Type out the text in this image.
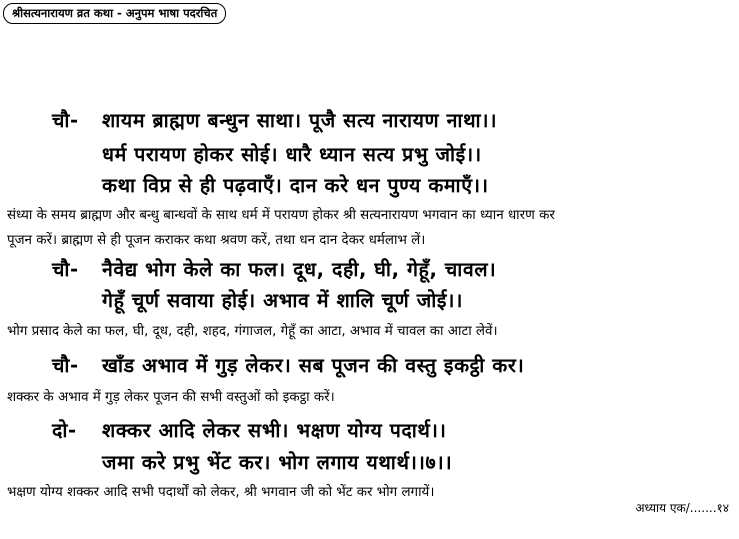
श्रीसत्यनारायण व्रत कथा - अनुपम भाषा पदरचित
चौ- शायम ब्राह्मण बन्धुन साथा। पूजै सत्य नारायण नाथा।।
धर्म परायण होकर सोई। धारै ध्यान सत्य प्रभु जोई।।
कथा विप्र से ही पढ़वाएँ। दान करे धन पुण्य कमाएँ।।
संध्या के समय ब्राह्मण और बन्धु बान्धवों के साथ धर्म में परायण होकर श्री सत्यनारायण भगवान का ध्यान धारण कर
पूजन करें। ब्राह्मण से ही पूजन कराकर कथा श्रवण करें, तथा धन दान देकर धर्मलाभ लें।
चौ- नैवेद्य भोग केले का फल। दूध, दही, घी, गेहूँ, चावल।
गेहूँ चूर्ण सवाया होई। अभाव में शालि चूर्ण जोई।।
भोग प्रसाद केले का फल, घी, दूध, दही, शहद, गंगाजल, गेहूँ का आटा, अभाव में चावल का आटा लेवें।
चौ- खाँड अभाव में गुड़ लेकर। सब पूजन की वस्तु इकट्ठी कर।
शक्कर के अभाव में गुड़ लेकर पूजन की सभी वस्तुओं को इकट्ठा करें।
दो- शक्कर आदि लेकर सभी। भक्षण योग्य पदार्थ।।
जमा करे प्रभु भेंट कर। भोग लगाय यथार्थ।।७।।
भक्षण योग्य शक्कर आदि सभी पदार्थों को लेकर, श्री भगवान जी को भेंट कर भोग लगायें।
अध्याय एक/.......१४
